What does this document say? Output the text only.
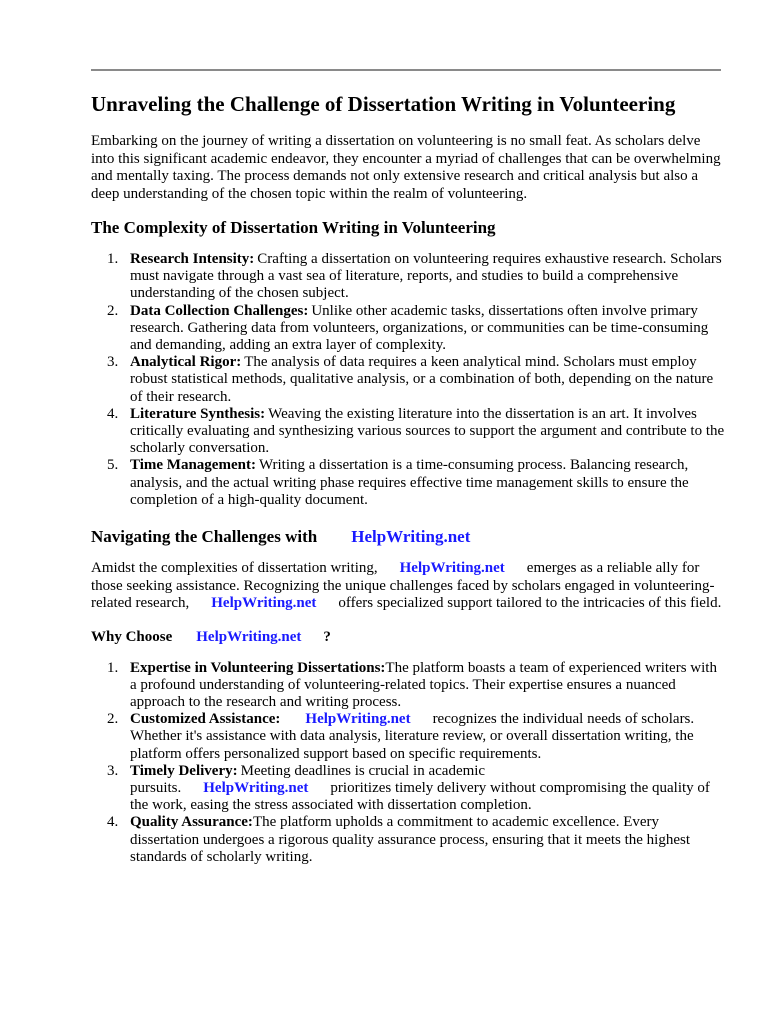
Unraveling the Challenge of Dissertation Writing in Volunteering

Embarking on the journey of writing a dissertation on volunteering is no small feat. As scholars delve into this significant academic endeavor, they encounter a myriad of challenges that can be overwhelming and mentally taxing. The process demands not only extensive research and critical analysis but also a deep understanding of the chosen topic within the realm of volunteering.

The Complexity of Dissertation Writing in Volunteering
1. Research Intensity: Crafting a dissertation on volunteering requires exhaustive research. Scholars must navigate through a vast sea of literature, reports, and studies to build a comprehensive understanding of the chosen subject.
2. Data Collection Challenges: Unlike other academic tasks, dissertations often involve primary research. Gathering data from volunteers, organizations, or communities can be time-consuming and demanding, adding an extra layer of complexity.
3. Analytical Rigor: The analysis of data requires a keen analytical mind. Scholars must employ robust statistical methods, qualitative analysis, or a combination of both, depending on the nature of their research.
4. Literature Synthesis: Weaving the existing literature into the dissertation is an art. It involves critically evaluating and synthesizing various sources to support the argument and contribute to the scholarly conversation.
5. Time Management: Writing a dissertation is a time-consuming process. Balancing research, analysis, and the actual writing phase requires effective time management skills to ensure the completion of a high-quality document.
Navigating the Challenges with HelpWriting.net

Amidst the complexities of dissertation writing, HelpWriting.net emerges as a reliable ally for those seeking assistance. Recognizing the unique challenges faced by scholars engaged in volunteering-related research, HelpWriting.net offers specialized support tailored to the intricacies of this field.

Why Choose HelpWriting.net ?
1. Expertise in Volunteering Dissertations:The platform boasts a team of experienced writers with a profound understanding of volunteering-related topics. Their expertise ensures a nuanced approach to the research and writing process.
2. Customized Assistance: HelpWriting.net recognizes the individual needs of scholars. Whether it's assistance with data analysis, literature review, or overall dissertation writing, the platform offers personalized support based on specific requirements.
3. Timely Delivery: Meeting deadlines is crucial in academic pursuits. HelpWriting.net prioritizes timely delivery without compromising the quality of the work, easing the stress associated with dissertation completion.
4. Quality Assurance:The platform upholds a commitment to academic excellence. Every dissertation undergoes a rigorous quality assurance process, ensuring that it meets the highest standards of scholarly writing.
